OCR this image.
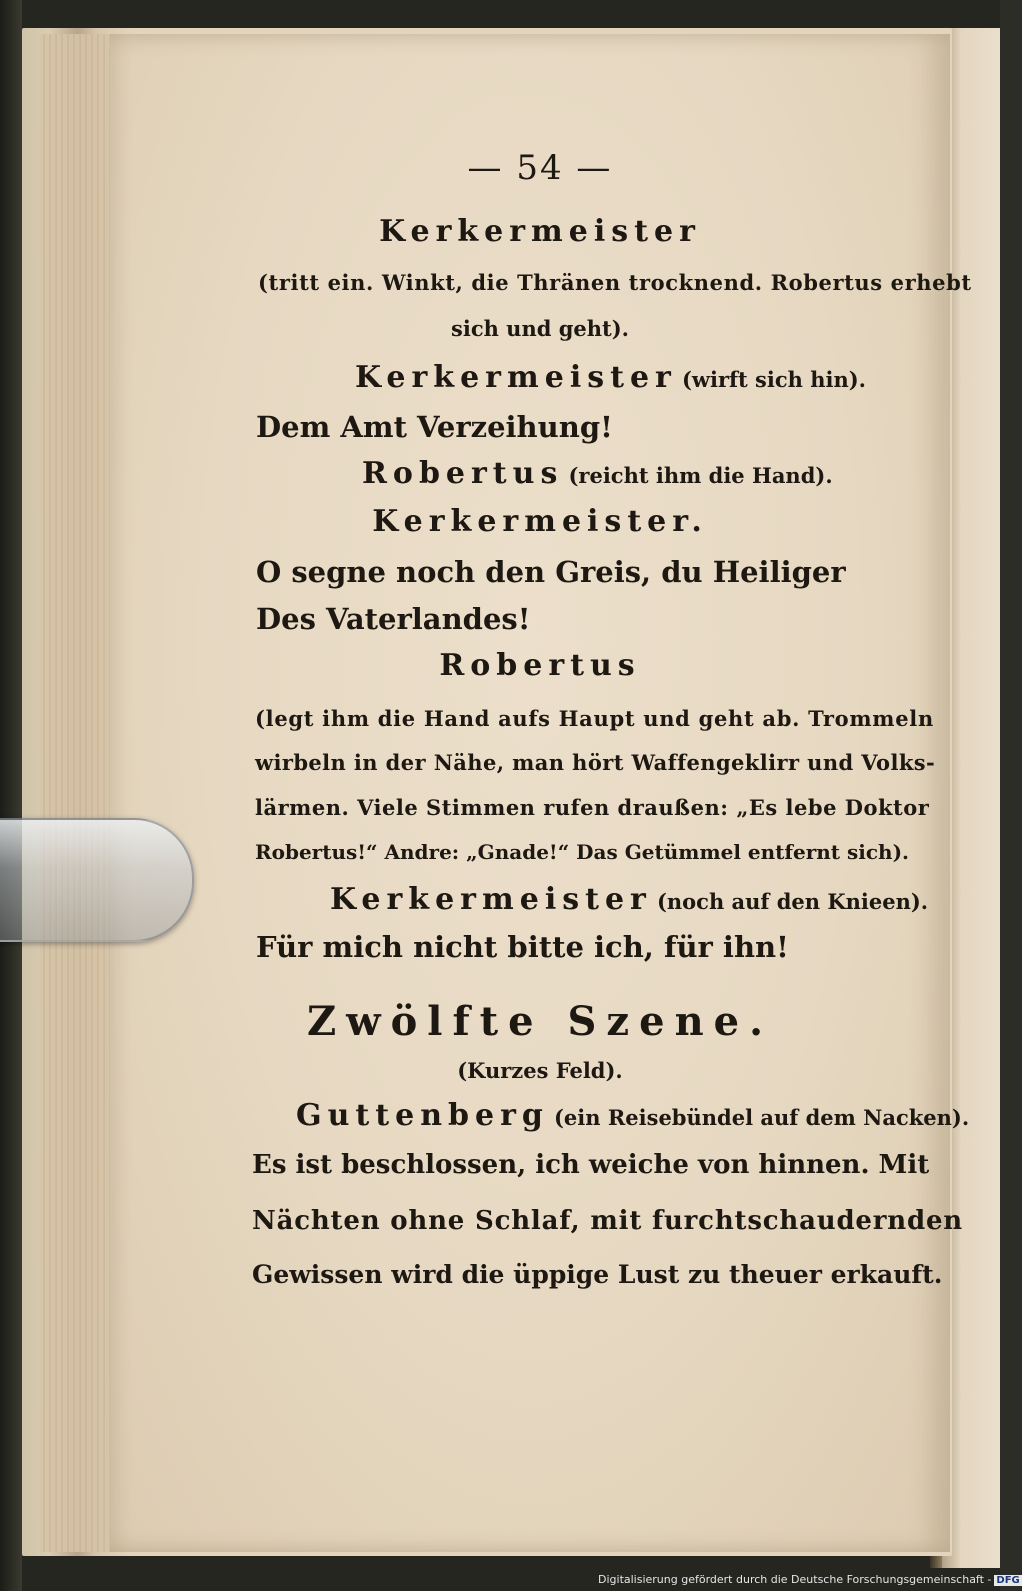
— 54 —
Kerkermeister
(tritt ein. Winkt, die Thränen trocknend. Robertus erhebt
sich und geht).
Kerkermeister (wirft sich hin).
Dem Amt Verzeihung!
Robertus (reicht ihm die Hand).
Kerkermeister.
O segne noch den Greis, du Heiliger
Des Vaterlandes!
Robertus
(legt ihm die Hand aufs Haupt und geht ab. Trommeln
wirbeln in der Nähe, man hört Waffengeklirr und Volks-
lärmen. Viele Stimmen rufen draußen: „Es lebe Doktor
Robertus!“ Andre: „Gnade!“ Das Getümmel entfernt sich).
Kerkermeister (noch auf den Knieen).
Für mich nicht bitte ich, für ihn!
Zwölfte Szene.
(Kurzes Feld).
Guttenberg (ein Reisebündel auf dem Nacken).
Es ist beschlossen, ich weiche von hinnen. Mit
Nächten ohne Schlaf, mit furchtschaudernden
Gewissen wird die üppige Lust zu theuer erkauft.
Digitalisierung gefördert durch die Deutsche Forschungsgemeinschaft - DFG
